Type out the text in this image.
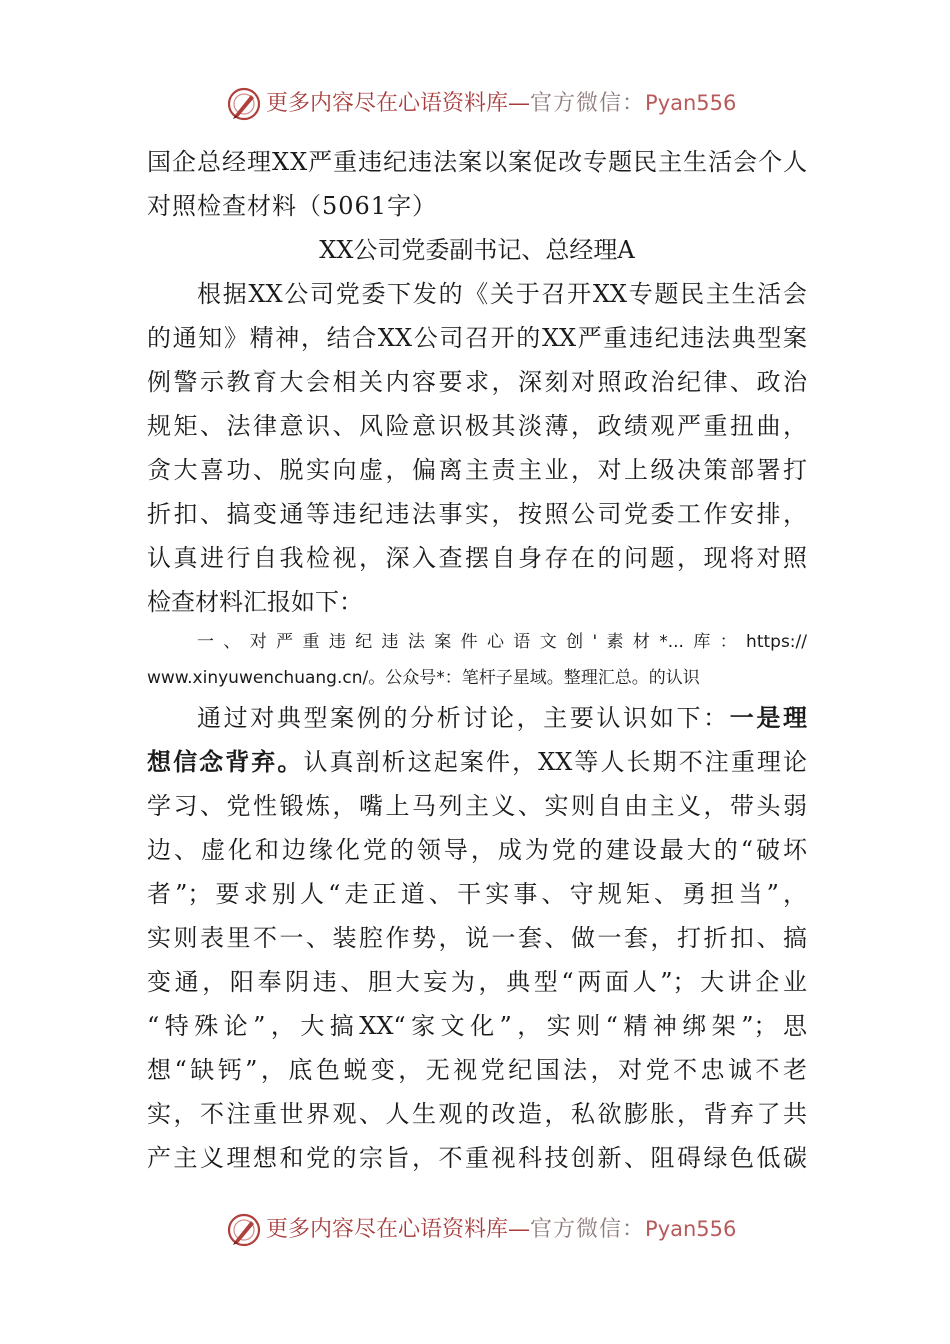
更多内容尽在心语资料库—官方微信：Pyan556
国企总经理XX严重违纪违法案以案促改专题民主生活会个人
对照检查材料（5061字）
XX公司党委副书记、总经理A
根据XX公司党委下发的《关于召开XX专题民主生活会
的通知》精神，结合XX公司召开的XX严重违纪违法典型案
例警示教育大会相关内容要求，深刻对照政治纪律、政治
规矩、法律意识、风险意识极其淡薄，政绩观严重扭曲，
贪大喜功、脱实向虚，偏离主责主业，对上级决策部署打
折扣、搞变通等违纪违法事实，按照公司党委工作安排，
认真进行自我检视，深入查摆自身存在的问题，现将对照
检查材料汇报如下：
一、对严重违纪违法案件心语文创'素材*...库：https://
www.xinyuwenchuang.cn/。公众号*：笔杆子星域。整理汇总。的认识
通过对典型案例的分析讨论，主要认识如下：一是理
想信念背弃。认真剖析这起案件，XX等人长期不注重理论
学习、党性锻炼，嘴上马列主义、实则自由主义，带头弱
边、虚化和边缘化党的领导，成为党的建设最大的“破坏
者”；要求别人“走正道、干实事、守规矩、勇担当”，
实则表里不一、装腔作势，说一套、做一套，打折扣、搞
变通，阳奉阴违、胆大妄为，典型“两面人”；大讲企业
“特殊论”，大搞XX“家文化”，实则“精神绑架”；思
想“缺钙”，底色蜕变，无视党纪国法，对党不忠诚不老
实，不注重世界观、人生观的改造，私欲膨胀，背弃了共
产主义理想和党的宗旨，不重视科技创新、阻碍绿色低碳
更多内容尽在心语资料库—官方微信：Pyan556
